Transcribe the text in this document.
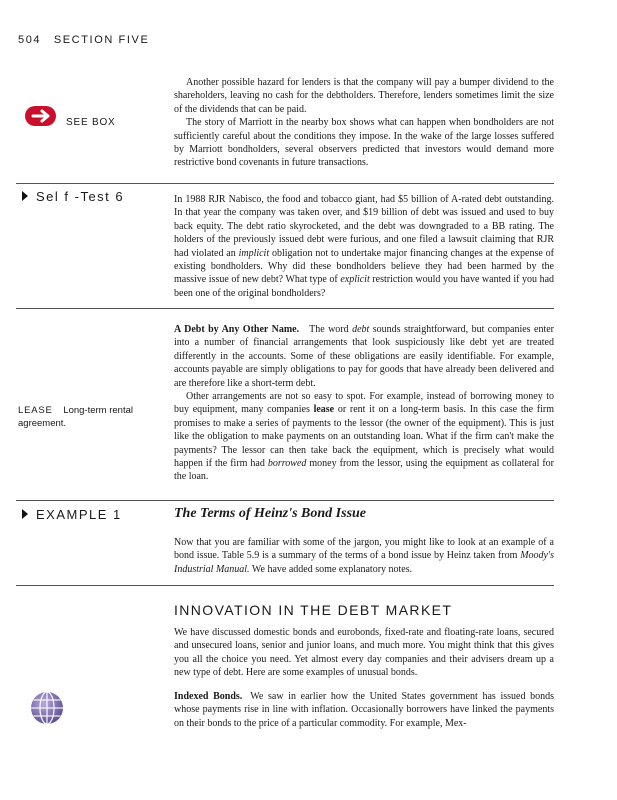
504 SECTION FIVE
SEE BOX

Another possible hazard for lenders is that the company will pay a bumper dividend to the shareholders, leaving no cash for the debtholders. Therefore, lenders sometimes limit the size of the dividends that can be paid.

The story of Marriott in the nearby box shows what can happen when bondholders are not sufficiently careful about the conditions they impose. In the wake of the large losses suffered by Marriott bondholders, several observers predicted that investors would demand more restrictive bond covenants in future transactions.

Sel f -Test 6	In 1988 RJR Nabisco, the food and tobacco giant, had $5 billion of A-rated debt outstanding. In that year the company was taken over, and $19 billion of debt was issued and used to buy back equity. The debt ratio skyrocketed, and the debt was downgraded to a BB rating. The holders of the previously issued debt were furious, and one filed a lawsuit claiming that RJR had violated an implicit obligation not to undertake major financing changes at the expense of existing bondholders. Why did these bondholders believe they had been harmed by the massive issue of new debt? What type of explicit restriction would you have wanted if you had been one of the original bondholders?

A Debt by Any Other Name. The word debt sounds straightforward, but companies enter into a number of financial arrangements that look suspiciously like debt yet are treated differently in the accounts. Some of these obligations are easily identifiable. For example, accounts payable are simply obligations to pay for goods that have already been delivered and are therefore like a short-term debt.

Other arrangements are not so easy to spot. For example, instead of borrowing money to buy equipment, many companies lease or rent it on a long-term basis. In this case the firm promises to make a series of payments to the lessor (the owner of the equipment). This is just like the obligation to make payments on an outstanding loan. What if the firm can't make the payments? The lessor can then take back the equipment, which is precisely what would happen if the firm had borrowed money from the lessor, using the equipment as collateral for the loan.

LEASE Long-term rental agreement.
EXAMPLE 1	The Terms of Heinz's Bond Issue

Now that you are familiar with some of the jargon, you might like to look at an example of a bond issue. Table 5.9 is a summary of the terms of a bond issue by Heinz taken from Moody's Industrial Manual. We have added some explanatory notes.

INNOVATION IN THE DEBT MARKET

We have discussed domestic bonds and eurobonds, fixed-rate and floating-rate loans, secured and unsecured loans, senior and junior loans, and much more. You might think that this gives you all the choice you need. Yet almost every day companies and their advisers dream up a new type of debt. Here are some examples of unusual bonds.

Indexed Bonds. We saw in earlier how the United States government has issued bonds whose payments rise in line with inflation. Occasionally borrowers have linked the payments on their bonds to the price of a particular commodity. For example, Mex-
